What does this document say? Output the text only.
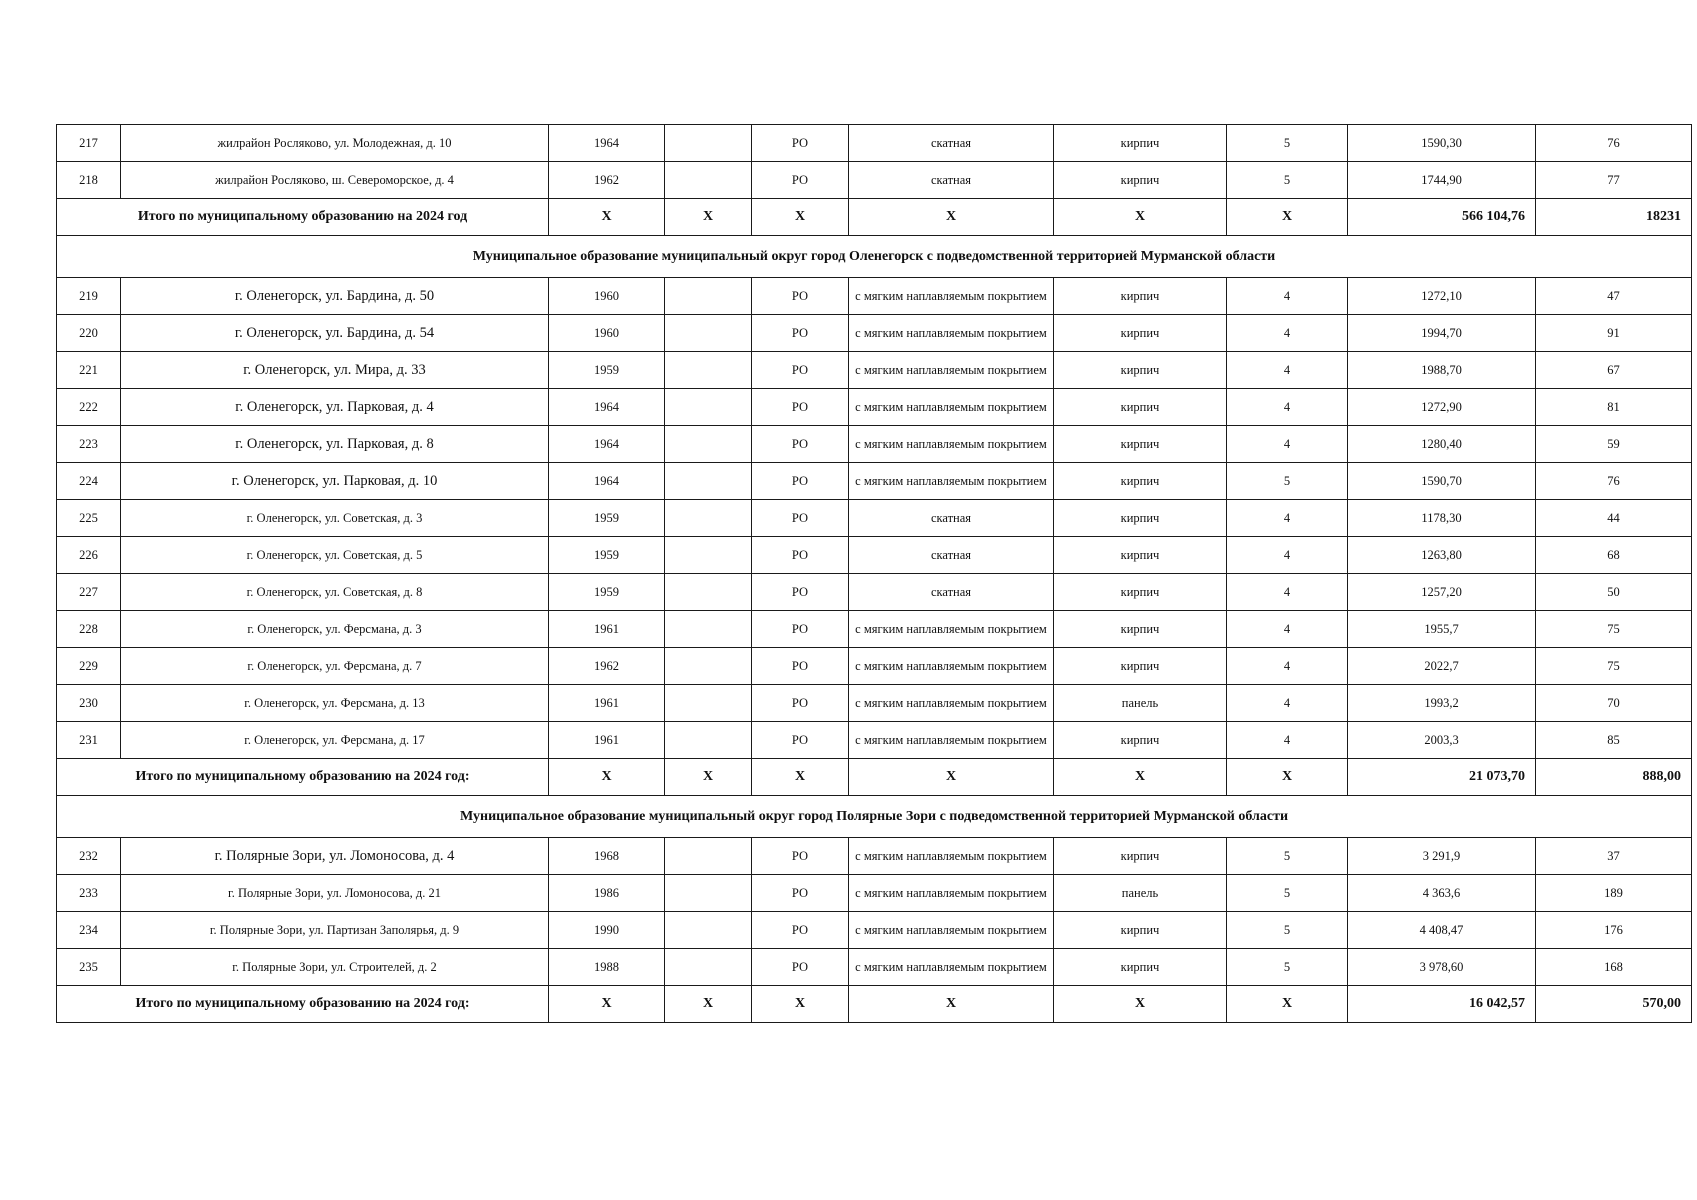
217	жилрайон Росляково, ул. Молодежная, д. 10	1964		РО	скатная	кирпич	5	1590,30	76
218	жилрайон Росляково, ш. Североморское, д. 4	1962		РО	скатная	кирпич	5	1744,90	77
Итого по муниципальному образованию на 2024 год		X	X	X	X	X	X	566 104,76	18231
Муниципальное образование муниципальный округ город Оленегорск с подведомственной территорией Мурманской области									
219	г. Оленегорск, ул. Бардина, д. 50	1960		РО	с мягким наплавляемым покрытием	кирпич	4	1272,10	47
220	г. Оленегорск, ул. Бардина, д. 54	1960		РО	с мягким наплавляемым покрытием	кирпич	4	1994,70	91
221	г. Оленегорск, ул. Мира, д. 33	1959		РО	с мягким наплавляемым покрытием	кирпич	4	1988,70	67
222	г. Оленегорск, ул. Парковая, д. 4	1964		РО	с мягким наплавляемым покрытием	кирпич	4	1272,90	81
223	г. Оленегорск, ул. Парковая, д. 8	1964		РО	с мягким наплавляемым покрытием	кирпич	4	1280,40	59
224	г. Оленегорск, ул. Парковая, д. 10	1964		РО	с мягким наплавляемым покрытием	кирпич	5	1590,70	76
225	г. Оленегорск, ул. Советская, д. 3	1959		РО	скатная	кирпич	4	1178,30	44
226	г. Оленегорск, ул. Советская, д. 5	1959		РО	скатная	кирпич	4	1263,80	68
227	г. Оленегорск, ул. Советская, д. 8	1959		РО	скатная	кирпич	4	1257,20	50
228	г. Оленегорск, ул. Ферсмана, д. 3	1961		РО	с мягким наплавляемым покрытием	кирпич	4	1955,7	75
229	г. Оленегорск, ул. Ферсмана, д. 7	1962		РО	с мягким наплавляемым покрытием	кирпич	4	2022,7	75
230	г. Оленегорск, ул. Ферсмана, д. 13	1961		РО	с мягким наплавляемым покрытием	панель	4	1993,2	70
231	г. Оленегорск, ул. Ферсмана, д. 17	1961		РО	с мягким наплавляемым покрытием	кирпич	4	2003,3	85
Итого по муниципальному образованию на 2024 год:		X	X	X	X	X	X	21 073,70	888,00
Муниципальное образование муниципальный округ город Полярные Зори с подведомственной территорией Мурманской области									
232	г. Полярные Зори, ул. Ломоносова, д. 4	1968		РО	с мягким наплавляемым покрытием	кирпич	5	3 291,9	37
233	г. Полярные Зори, ул. Ломоносова, д. 21	1986		РО	с мягким наплавляемым покрытием	панель	5	4 363,6	189
234	г. Полярные Зори, ул. Партизан Заполярья, д. 9	1990		РО	с мягким наплавляемым покрытием	кирпич	5	4 408,47	176
235	г. Полярные Зори, ул. Строителей, д. 2	1988		РО	с мягким наплавляемым покрытием	кирпич	5	3 978,60	168
Итого по муниципальному образованию на 2024 год:		X	X	X	X	X	X	16 042,57	570,00
